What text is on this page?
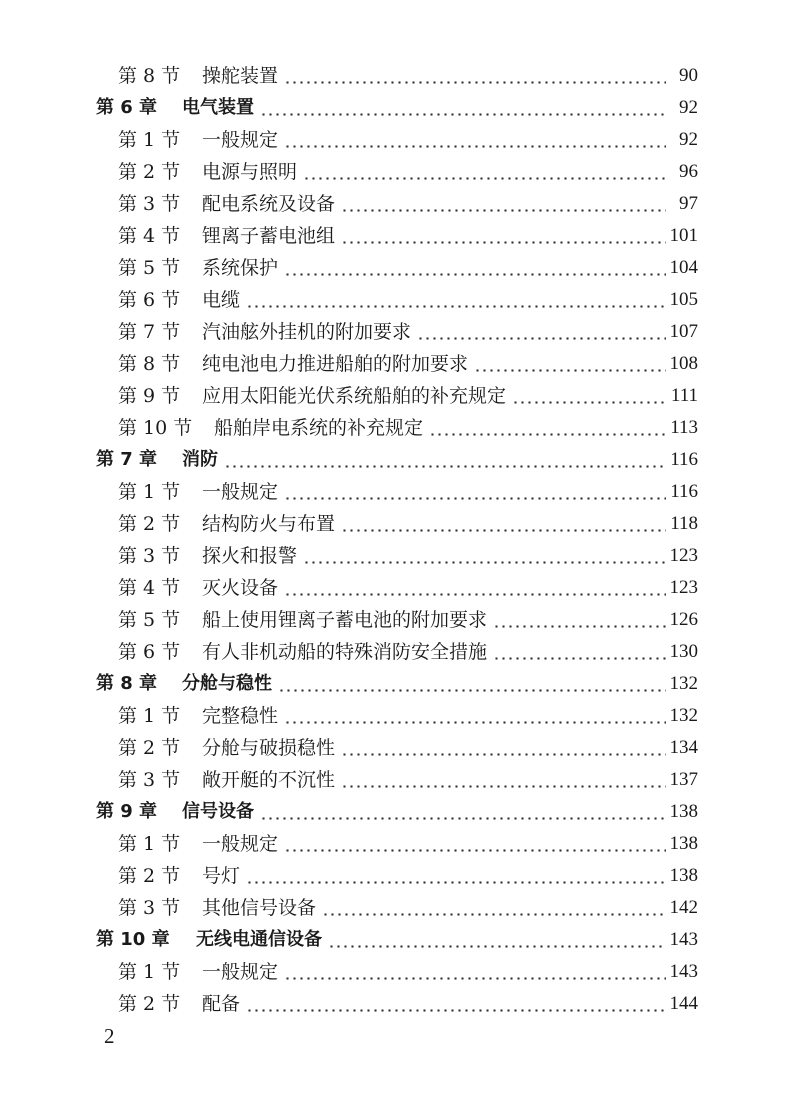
第 8 节 操舵装置	90
第 6 章 电气装置	92
第 1 节 一般规定	92
第 2 节 电源与照明	96
第 3 节 配电系统及设备	97
第 4 节 锂离子蓄电池组	101
第 5 节 系统保护	104
第 6 节 电缆	105
第 7 节 汽油舷外挂机的附加要求	107
第 8 节 纯电池电力推进船舶的附加要求	108
第 9 节 应用太阳能光伏系统船舶的补充规定	111
第 10 节 船舶岸电系统的补充规定	113
第 7 章 消防	116
第 1 节 一般规定	116
第 2 节 结构防火与布置	118
第 3 节 探火和报警	123
第 4 节 灭火设备	123
第 5 节 船上使用锂离子蓄电池的附加要求	126
第 6 节 有人非机动船的特殊消防安全措施	130
第 8 章 分舱与稳性	132
第 1 节 完整稳性	132
第 2 节 分舱与破损稳性	134
第 3 节 敞开艇的不沉性	137
第 9 章 信号设备	138
第 1 节 一般规定	138
第 2 节 号灯	138
第 3 节 其他信号设备	142
第 10 章 无线电通信设备	143
第 1 节 一般规定	143
第 2 节 配备	144
2
